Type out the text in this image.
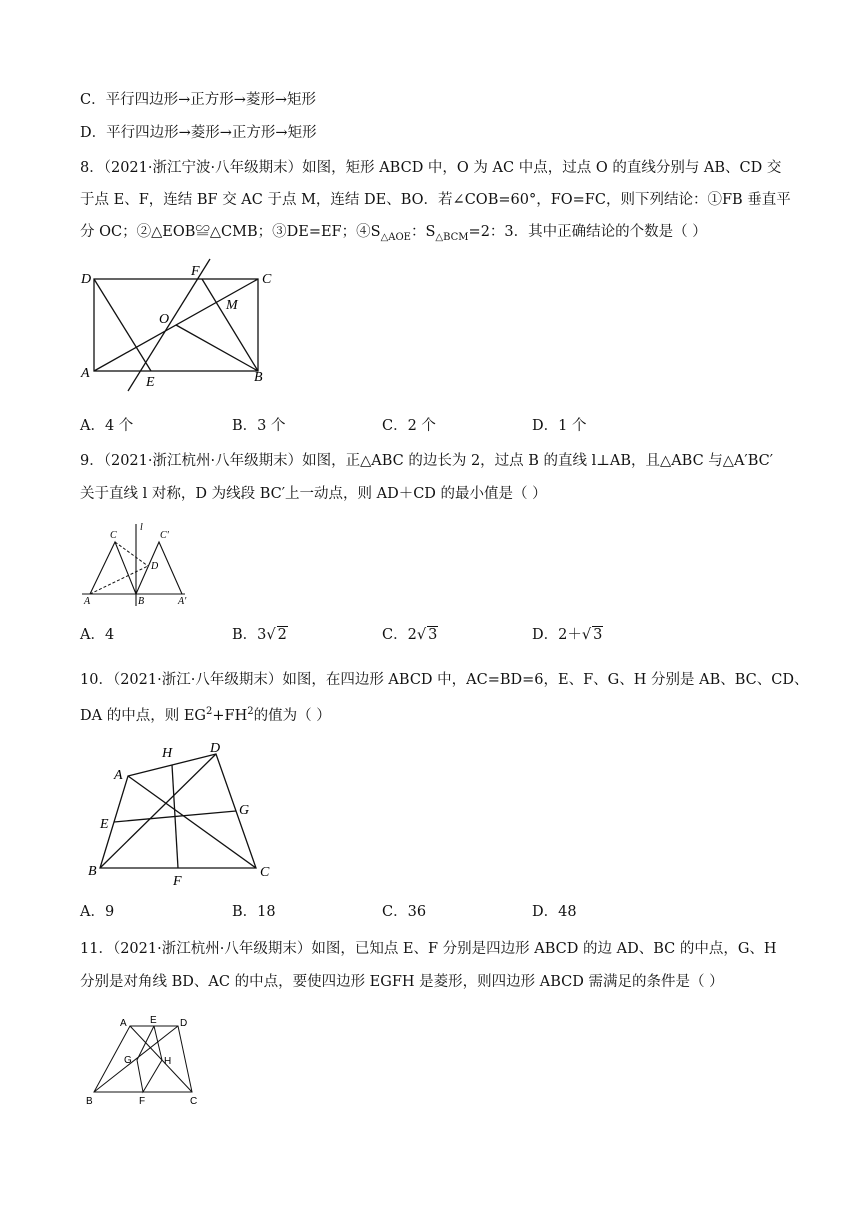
C．平行四边形→正方形→菱形→矩形
D．平行四边形→菱形→正方形→矩形
8．（2021·浙江宁波·八年级期末）如图，矩形 ABCD 中，O 为 AC 中点，过点 O 的直线分别与 AB、CD 交
于点 E、F，连结 BF 交 AC 于点 M，连结 DE、BO．若∠COB=60°，FO=FC，则下列结论：①FB 垂直平
分 OC；②△EOB≌△CMB；③DE=EF；$④S_{\triangle AOE}$：$S_{\triangle BCM}=2$：3．其中正确结论的个数是（ ）
D
F
C
O
M
A
E	B
A．4 个	B．3 个	C．2 个	D．1 个
9．（2021·浙江杭州·八年级期末）如图，正△ABC 的边长为 2，过点 B 的直线 l⊥AB，且△ABC 与△A′BC′
关于直线 l 对称，D 为线段 BC′上一动点，则 AD＋CD 的最小值是（ ）
C
l
C'
D
A	B	A'
A．4	B．3√ 2	C．2√ 3	D．2＋√ 3
10．（2021·浙江·八年级期末）如图，在四边形 ABCD 中，AC=BD=6，E、F、G、H 分别是 AB、BC、CD、
DA 的中点，则 $EG^2+FH^2$的值为（ ）
H	D
A
G
E
B
F
C
A．9	B．18	C．36	D．48
11．（2021·浙江杭州·八年级期末）如图，已知点 E、F 分别是四边形 ABCD 的边 AD、BC 的中点，G、H
分别是对角线 BD、AC 的中点，要使四边形 EGFH 是菱形，则四边形 ABCD 需满足的条件是（ ）
A E D
G	H
B	F	C
